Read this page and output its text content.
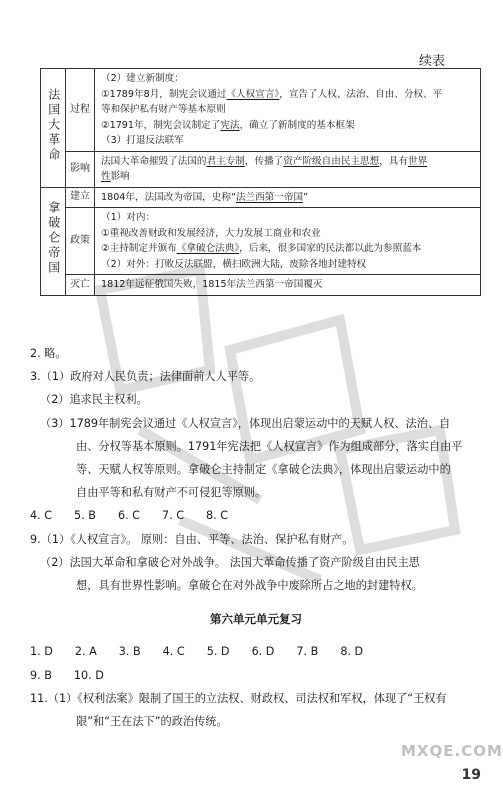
续表
法国大革命	过程	（2）建立新制度：
①1789年8月，制宪会议通过《人权宣言》，宣告了人权、法治、自由、分权、平
等和保护私有财产等基本原则
②1791年，制宪会议制定了宪法，确立了新制度的基本框架
（3）打退反法联军

	影响	法国大革命摧毁了法国的君主专制，传播了资产阶级自由民主思想，具有世界
性影响

拿破仑帝国	建立	1804年，法国改为帝国，史称“法兰西第一帝国”

	政策	（1）对内：
①重视改善财政和发展经济，大力发展工商业和农业
②主持制定并颁布《拿破仑法典》，后来，很多国家的民法都以此为参照蓝本
（2）对外：打败反法联盟，横扫欧洲大陆，废除各地封建特权

	灭亡	1812年远征俄国失败，1815年法兰西第一帝国覆灭
2. 略。
3.（1）政府对人民负责；法律面前人人平等。
（2）追求民主权利。
（3）1789年制宪会议通过《人权宣言》，体现出启蒙运动中的天赋人权、法治、自
由、分权等基本原则。1791年宪法把《人权宣言》作为组成部分，落实自由平
等、天赋人权等原则。拿破仑主持制定《拿破仑法典》，体现出启蒙运动中的
自由平等和私有财产不可侵犯等原则。
4. C 5. B 6. C 7. C 8. C
9.（1）《人权宣言》。 原则：自由、平等、法治、保护私有财产。
（2）法国大革命和拿破仑对外战争。 法国大革命传播了资产阶级自由民主思
想，具有世界性影响。拿破仑在对外战争中废除所占之地的封建特权。
第六单元单元复习
1. D 2. A 3. B 4. C 5. D 6. D 7. B 8. D
9. B 10. D
11.（1）《权利法案》限制了国王的立法权、财政权、司法权和军权，体现了“王权有
限”和“王在法下”的政治传统。
MXQE.COM
19
